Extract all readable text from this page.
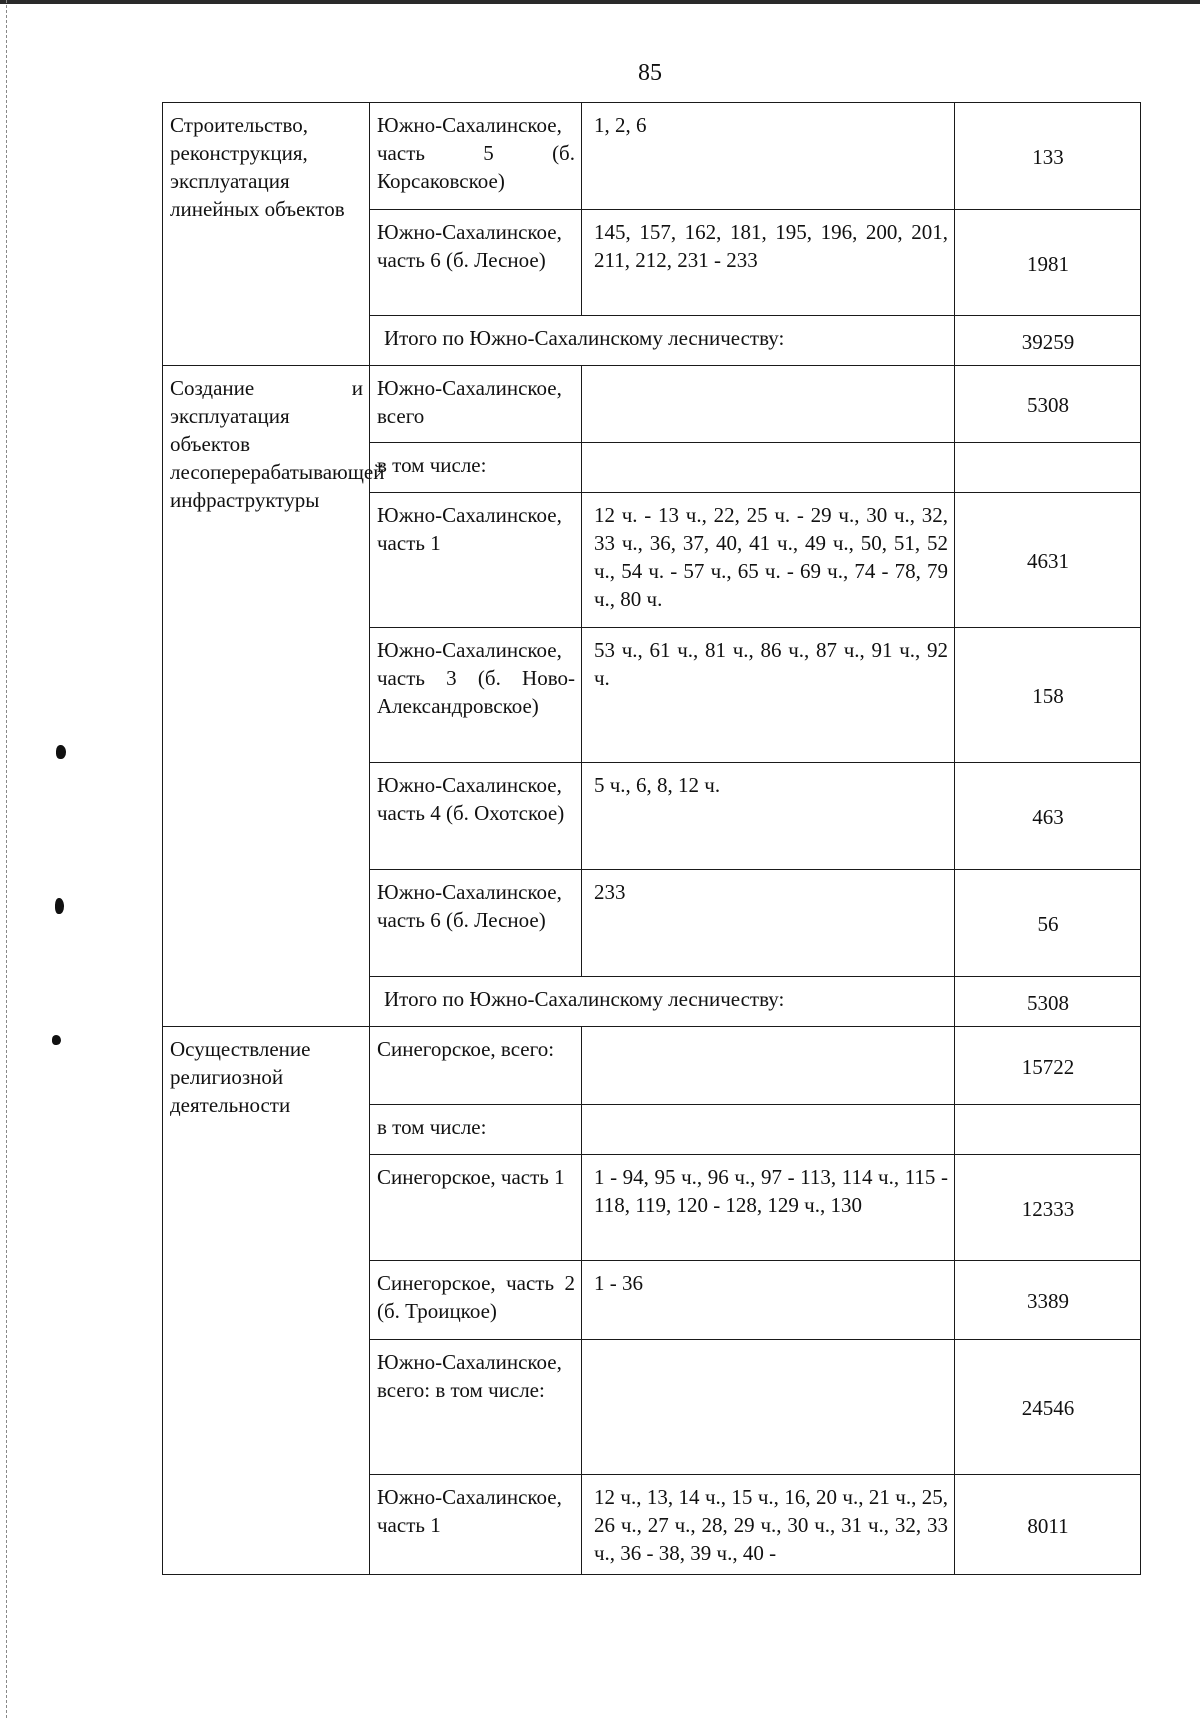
85
Строительство, реконструкция, эксплуатация линейных объектов	Южно-Сахалинское, часть 5 (б. Корсаковское)	1, 2, 6	133
	Южно-Сахалинское, часть 6 (б. Лесное)	145, 157, 162, 181, 195, 196, 200, 201, 211, 212, 231 - 233	1981
	Итого по Южно-Сахалинскому лесничеству:		39259
Создание и эксплуатация объектов лесоперерабатывающей инфраструктуры	Южно-Сахалинское, всего		5308
	в том числе:		
	Южно-Сахалинское, часть 1	12 ч. - 13 ч., 22, 25 ч. - 29 ч., 30 ч., 32, 33 ч., 36, 37, 40, 41 ч., 49 ч., 50, 51, 52 ч., 54 ч. - 57 ч., 65 ч. - 69 ч., 74 - 78, 79 ч., 80 ч.	4631
	Южно-Сахалинское, часть 3 (б. Ново-Александровское)	53 ч., 61 ч., 81 ч., 86 ч., 87 ч., 91 ч., 92 ч.	158
	Южно-Сахалинское, часть 4 (б. Охотское)	5 ч., 6, 8, 12 ч.	463
	Южно-Сахалинское, часть 6 (б. Лесное)	233	56
	Итого по Южно-Сахалинскому лесничеству:		5308
Осуществление религиозной деятельности	Синегорское, всего:		15722
	в том числе:		
	Синегорское, часть 1	1 - 94, 95 ч., 96 ч., 97 - 113, 114 ч., 115 - 118, 119, 120 - 128, 129 ч., 130	12333
	Синегорское, часть 2 (б. Троицкое)	1 - 36	3389
	Южно-Сахалинское, всего: в том числе:		24546
	Южно-Сахалинское, часть 1	12 ч., 13, 14 ч., 15 ч., 16, 20 ч., 21 ч., 25, 26 ч., 27 ч., 28, 29 ч., 30 ч., 31 ч., 32, 33 ч., 36 - 38, 39 ч., 40 -	8011
